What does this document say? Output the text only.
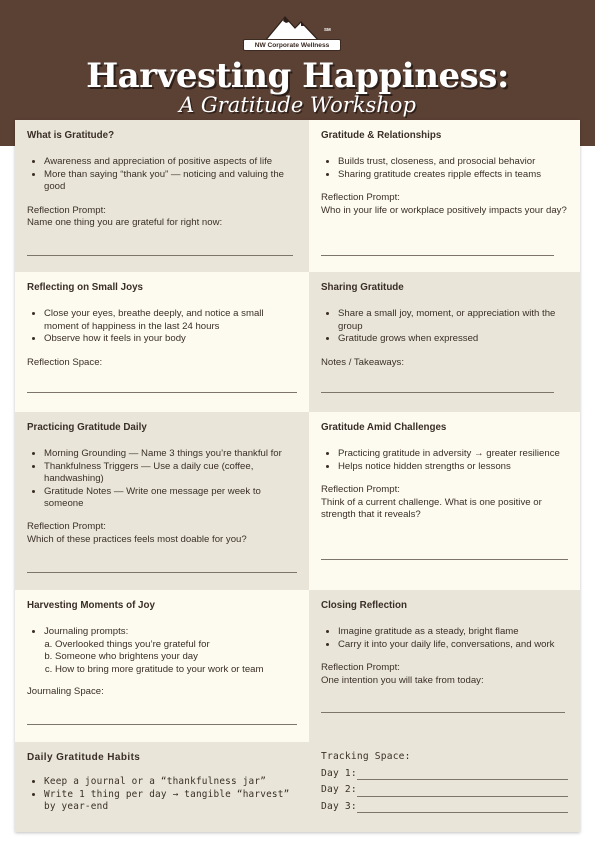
SM
NW Corporate Wellness
Harvesting Happiness:
A Gratitude Workshop
What is Gratitude?
• Awareness and appreciation of positive aspects of life
• More than saying “thank you” — noticing and valuing the good

Reflection Prompt:

Name one thing you are grateful for right now:

Gratitude & Relationships
• Builds trust, closeness, and prosocial behavior
• Sharing gratitude creates ripple effects in teams

Reflection Prompt:

Who in your life or workplace positively impacts your day?

Reflecting on Small Joys
• Close your eyes, breathe deeply, and notice a small moment of happiness in the last 24 hours
• Observe how it feels in your body

Reflection Space:

Sharing Gratitude
• Share a small joy, moment, or appreciation with the group
• Gratitude grows when expressed

Notes / Takeaways:

Practicing Gratitude Daily
• Morning Grounding — Name 3 things you’re thankful for
• Thankfulness Triggers — Use a daily cue (coffee, handwashing)
• Gratitude Notes — Write one message per week to someone

Reflection Prompt:

Which of these practices feels most doable for you?

Gratitude Amid Challenges
• Practicing gratitude in adversity → greater resilience
• Helps notice hidden strengths or lessons

Reflection Prompt:

Think of a current challenge. What is one positive or strength that it reveals?

Harvesting Moments of Joy
• Journaling prompts:
a. Overlooked things you’re grateful for
b. Someone who brightens your day
c. How to bring more gratitude to your work or team

Journaling Space:

Closing Reflection
• Imagine gratitude as a steady, bright flame
• Carry it into your daily life, conversations, and work

Reflection Prompt:

One intention you will take from today:

Daily Gratitude Habits
• Keep a journal or a “thankfulness jar”
• Write 1 thing per day → tangible “harvest” by year-end

Tracking Space:

Day 1:

Day 2:

Day 3:
